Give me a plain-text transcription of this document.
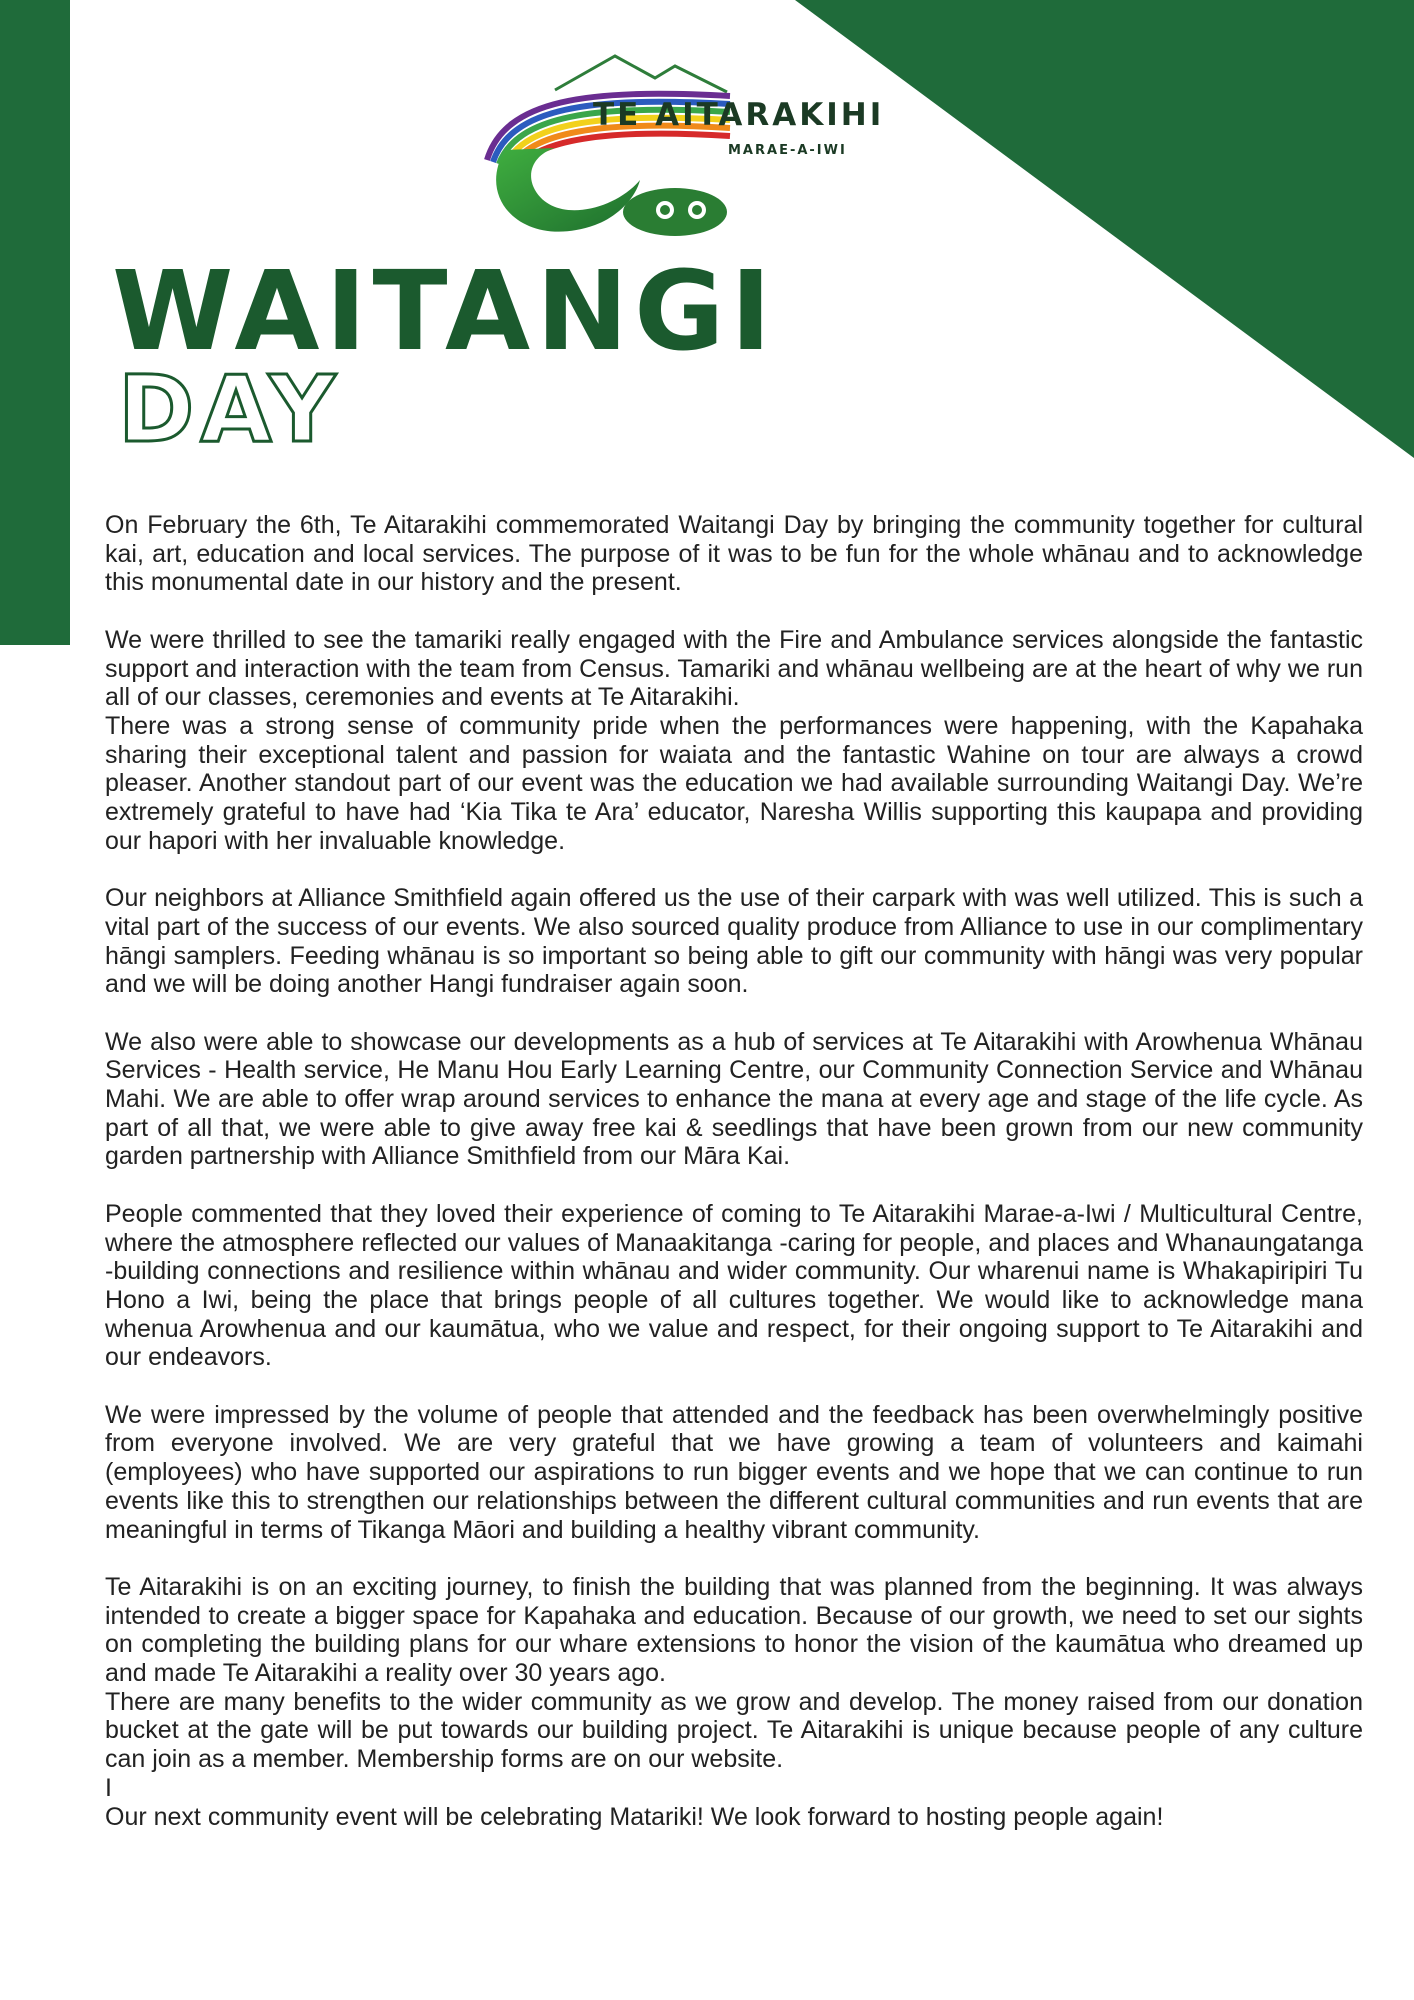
TE AITARAKIHI
MARAE-A-IWI
WAITANGI
DAY

On February the 6th, Te Aitarakihi commemorated Waitangi Day by bringing the community together for cultural kai, art, education and local services. The purpose of it was to be fun for the whole whānau and to acknowledge this monumental date in our history and the present.

We were thrilled to see the tamariki really engaged with the Fire and Ambulance services alongside the fantastic support and interaction with the team from Census. Tamariki and whānau wellbeing are at the heart of why we run all of our classes, ceremonies and events at Te Aitarakihi.

There was a strong sense of community pride when the performances were happening, with the Kapahaka sharing their exceptional talent and passion for waiata and the fantastic Wahine on tour are always a crowd pleaser. Another standout part of our event was the education we had available surrounding Waitangi Day. We’re extremely grateful to have had ‘Kia Tika te Ara’ educator, Naresha Willis supporting this kaupapa and providing our hapori with her invaluable knowledge.

Our neighbors at Alliance Smithfield again offered us the use of their carpark with was well utilized. This is such a vital part of the success of our events. We also sourced quality produce from Alliance to use in our complimentary hāngi samplers. Feeding whānau is so important so being able to gift our community with hāngi was very popular and we will be doing another Hangi fundraiser again soon.

We also were able to showcase our developments as a hub of services at Te Aitarakihi with Arowhenua Whānau Services - Health service, He Manu Hou Early Learning Centre, our Community Connection Service and Whānau Mahi. We are able to offer wrap around services to enhance the mana at every age and stage of the life cycle. As part of all that, we were able to give away free kai & seedlings that have been grown from our new community garden partnership with Alliance Smithfield from our Māra Kai.

People commented that they loved their experience of coming to Te Aitarakihi Marae-a-Iwi / Multicultural Centre, where the atmosphere reflected our values of Manaakitanga -caring for people, and places and Whanaungatanga -building connections and resilience within whānau and wider community. Our wharenui name is Whakapiripiri Tu Hono a Iwi, being the place that brings people of all cultures together. We would like to acknowledge mana whenua Arowhenua and our kaumātua, who we value and respect, for their ongoing support to Te Aitarakihi and our endeavors.

We were impressed by the volume of people that attended and the feedback has been overwhelmingly positive from everyone involved. We are very grateful that we have growing a team of volunteers and kaimahi (employees) who have supported our aspirations to run bigger events and we hope that we can continue to run events like this to strengthen our relationships between the different cultural communities and run events that are meaningful in terms of Tikanga Māori and building a healthy vibrant community.

Te Aitarakihi is on an exciting journey, to finish the building that was planned from the beginning. It was always intended to create a bigger space for Kapahaka and education. Because of our growth, we need to set our sights on completing the building plans for our whare extensions to honor the vision of the kaumātua who dreamed up and made Te Aitarakihi a reality over 30 years ago.

There are many benefits to the wider community as we grow and develop. The money raised from our donation bucket at the gate will be put towards our building project. Te Aitarakihi is unique because people of any culture can join as a member. Membership forms are on our website.

I

Our next community event will be celebrating Matariki! We look forward to hosting people again!
